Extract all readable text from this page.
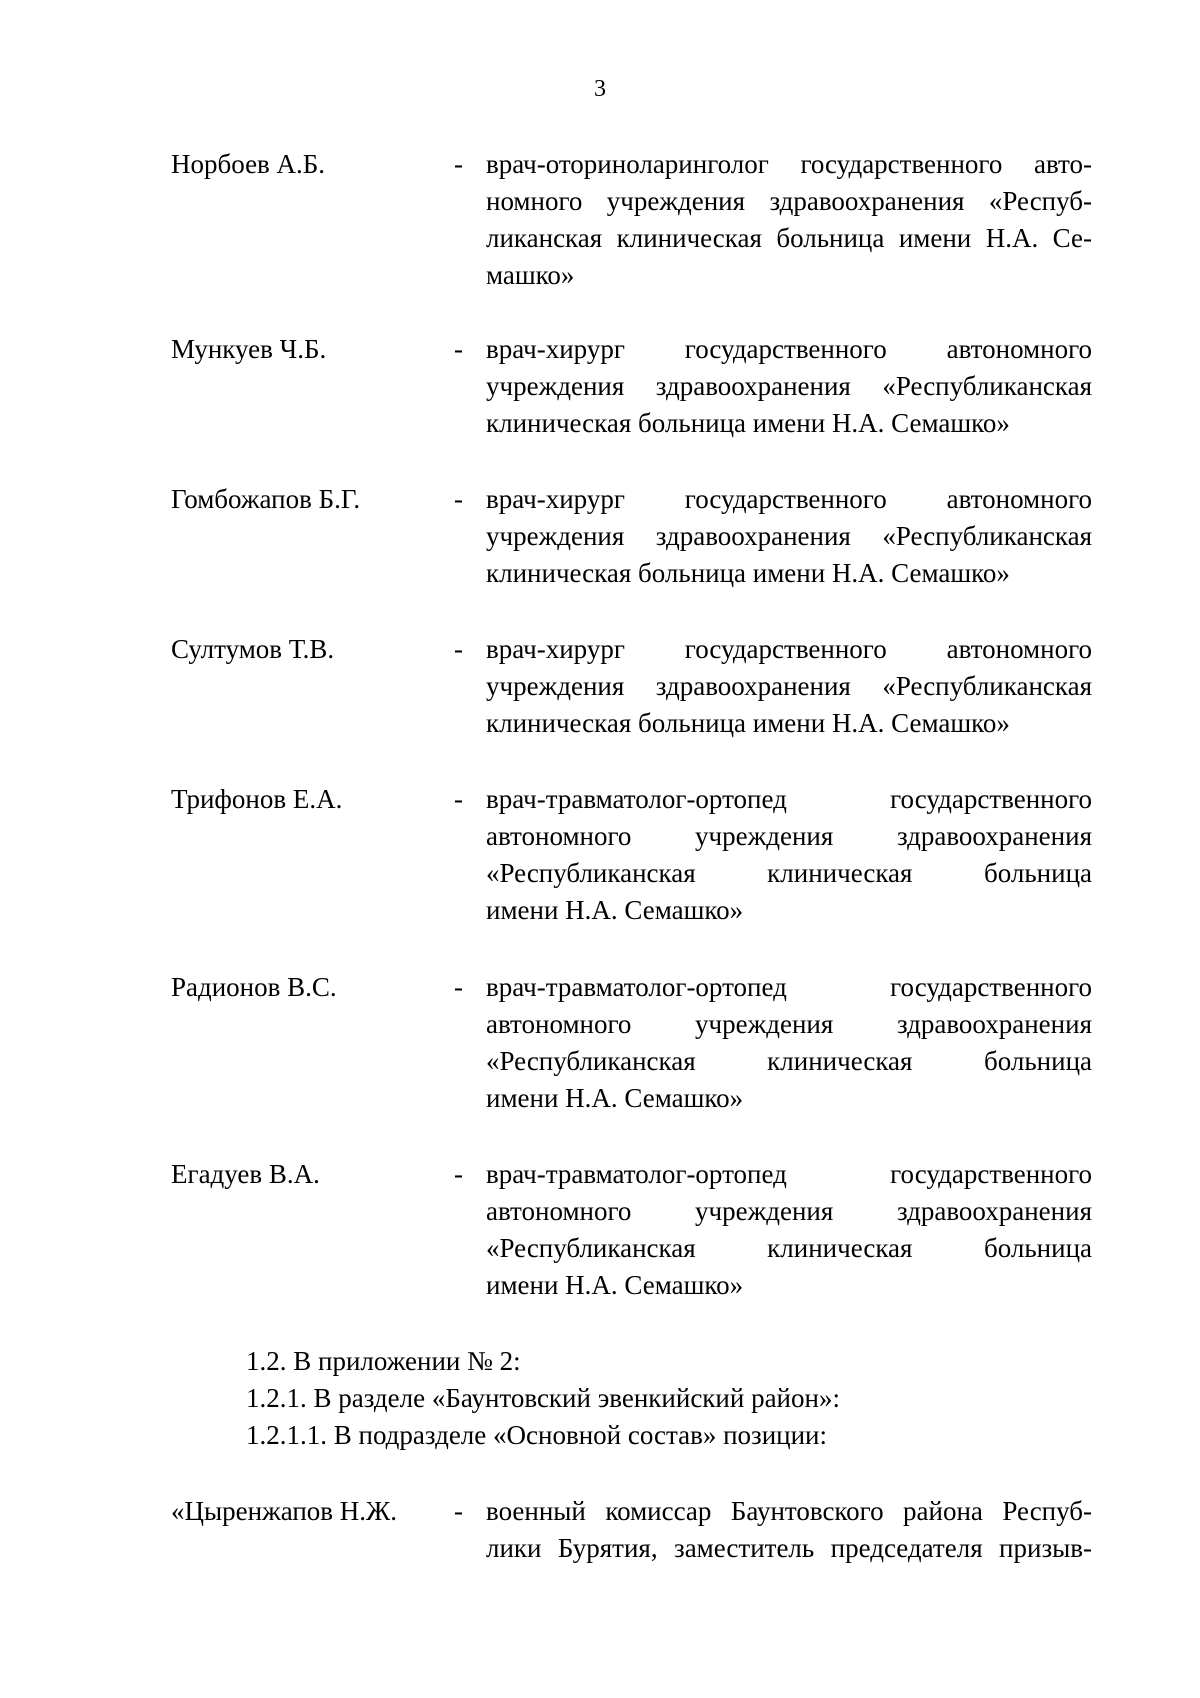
3
Норбоев А.Б.	- врач-оториноларинголог государственного авто-
номного учреждения здравоохранения «Респуб-
ликанская клиническая больница имени Н.А. Се-
машко»
Мункуев Ч.Б.	- врач-хирург государственного автономного
учреждения здравоохранения «Республиканская
клиническая больница имени Н.А. Семашко»
Гомбожапов Б.Г.	- врач-хирург государственного автономного
учреждения здравоохранения «Республиканская
клиническая больница имени Н.А. Семашко»
Султумов Т.В.	- врач-хирург государственного автономного
учреждения здравоохранения «Республиканская
клиническая больница имени Н.А. Семашко»
Трифонов Е.А.	- врач-травматолог-ортопед государственного
автономного учреждения здравоохранения
«Республиканская клиническая больница
имени Н.А. Семашко»
Радионов В.С.	- врач-травматолог-ортопед государственного
автономного учреждения здравоохранения
«Республиканская клиническая больница
имени Н.А. Семашко»
Егадуев В.А.	- врач-травматолог-ортопед государственного
автономного учреждения здравоохранения
«Республиканская клиническая больница
имени Н.А. Семашко»
1.2. В приложении № 2:
1.2.1. В разделе «Баунтовский эвенкийский район»:
1.2.1.1. В подразделе «Основной состав» позиции:
«Цыренжапов Н.Ж.	- военный комиссар Баунтовского района Респуб-
лики Бурятия, заместитель председателя призыв-
